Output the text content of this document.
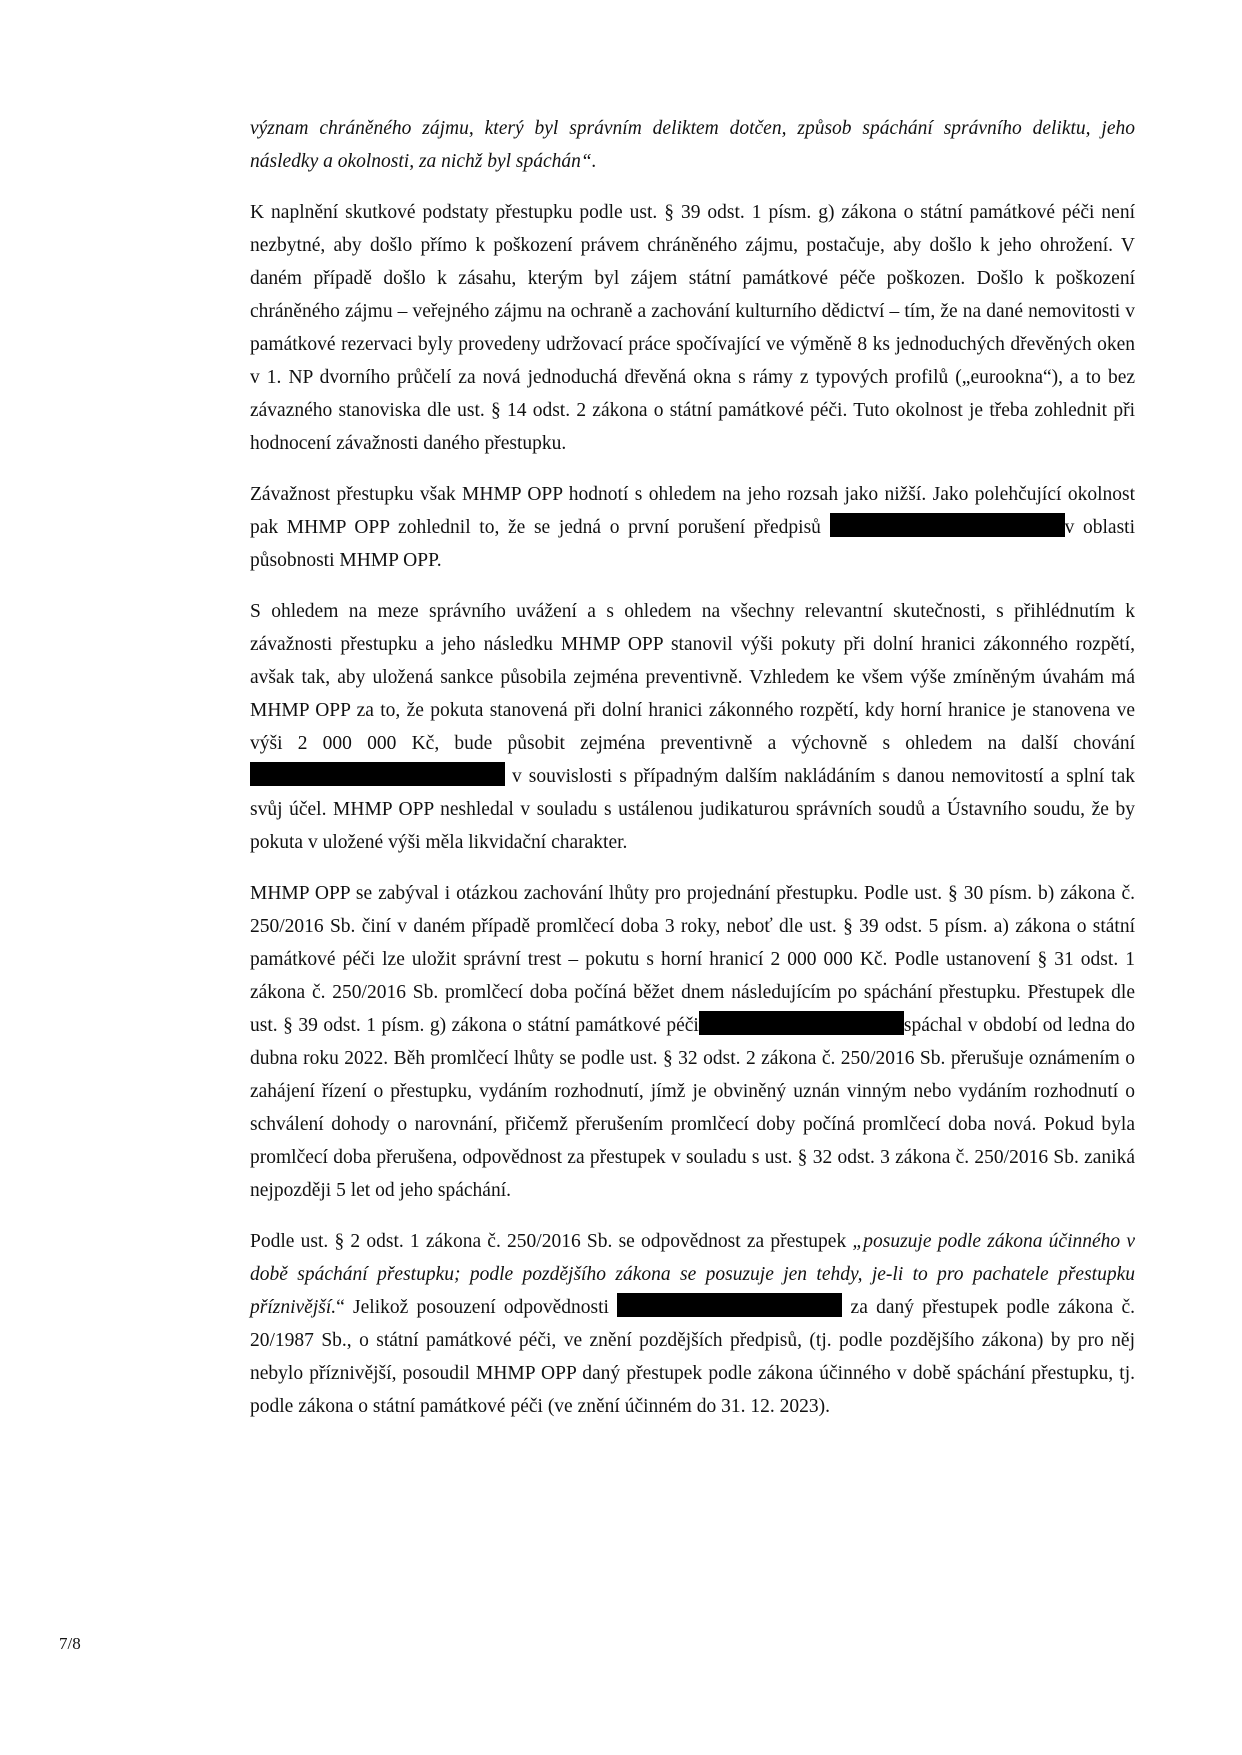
význam chráněného zájmu, který byl správním deliktem dotčen, způsob spáchání správního deliktu, jeho následky a okolnosti, za nichž byl spáchán“.

K naplnění skutkové podstaty přestupku podle ust. § 39 odst. 1 písm. g) zákona o státní památkové péči není nezbytné, aby došlo přímo k poškození právem chráněného zájmu, postačuje, aby došlo k jeho ohrožení. V daném případě došlo k zásahu, kterým byl zájem státní památkové péče poškozen. Došlo k poškození chráněného zájmu – veřejného zájmu na ochraně a zachování kulturního dědictví – tím, že na dané nemovitosti v památkové rezervaci byly provedeny udržovací práce spočívající ve výměně 8 ks jednoduchých dřevěných oken v 1. NP dvorního průčelí za nová jednoduchá dřevěná okna s rámy z typových profilů („eurookna“), a to bez závazného stanoviska dle ust. § 14 odst. 2 zákona o státní památkové péči. Tuto okolnost je třeba zohlednit při hodnocení závažnosti daného přestupku.

Závažnost přestupku však MHMP OPP hodnotí s ohledem na jeho rozsah jako nižší. Jako polehčující okolnost pak MHMP OPP zohlednil to, že se jedná o první porušení předpisů	v oblasti působnosti MHMP OPP.

S ohledem na meze správního uvážení a s ohledem na všechny relevantní skutečnosti, s přihlédnutím k závažnosti přestupku a jeho následku MHMP OPP stanovil výši pokuty při dolní hranici zákonného rozpětí, avšak tak, aby uložená sankce působila zejména preventivně. Vzhledem ke všem výše zmíněným úvahám má MHMP OPP za to, že pokuta stanovená při dolní hranici zákonného rozpětí, kdy horní hranice je stanovena ve výši 2 000 000 Kč, bude působit zejména preventivně a výchovně s ohledem na další chování  v souvislosti s případným dalším nakládáním s danou nemovitostí a splní tak svůj účel. MHMP OPP neshledal v souladu s ustálenou judikaturou správních soudů a Ústavního soudu, že by pokuta v uložené výši měla likvidační charakter.

MHMP OPP se zabýval i otázkou zachování lhůty pro projednání přestupku. Podle ust. § 30 písm. b) zákona č. 250/2016 Sb. činí v daném případě promlčecí doba 3 roky, neboť dle ust. § 39 odst. 5 písm. a) zákona o státní památkové péči lze uložit správní trest – pokutu s horní hranicí 2 000 000 Kč. Podle ustanovení § 31 odst. 1 zákona č. 250/2016 Sb. promlčecí doba počíná běžet dnem následujícím po spáchání přestupku. Přestupek dle ust. § 39 odst. 1 písm. g) zákona o státní památkové péči	spáchal v období od ledna do dubna roku 2022. Běh promlčecí lhůty se podle ust. § 32 odst. 2 zákona č. 250/2016 Sb. přerušuje oznámením o zahájení řízení o přestupku, vydáním rozhodnutí, jímž je obviněný uznán vinným nebo vydáním rozhodnutí o schválení dohody o narovnání, přičemž přerušením promlčecí doby počíná promlčecí doba nová. Pokud byla promlčecí doba přerušena, odpovědnost za přestupek v souladu s ust. § 32 odst. 3 zákona č. 250/2016 Sb. zaniká nejpozději 5 let od jeho spáchání.

Podle ust. § 2 odst. 1 zákona č. 250/2016 Sb. se odpovědnost za přestupek „posuzuje podle zákona účinného v době spáchání přestupku; podle pozdějšího zákona se posuzuje jen tehdy, je-li to pro pachatele přestupku příznivější.“ Jelikož posouzení odpovědnosti	za daný přestupek podle zákona č. 20/1987 Sb., o státní památkové péči, ve znění pozdějších předpisů, (tj. podle pozdějšího zákona) by pro něj nebylo příznivější, posoudil MHMP OPP daný přestupek podle zákona účinného v době spáchání přestupku, tj. podle zákona o státní památkové péči (ve znění účinném do 31. 12. 2023).

7/8
